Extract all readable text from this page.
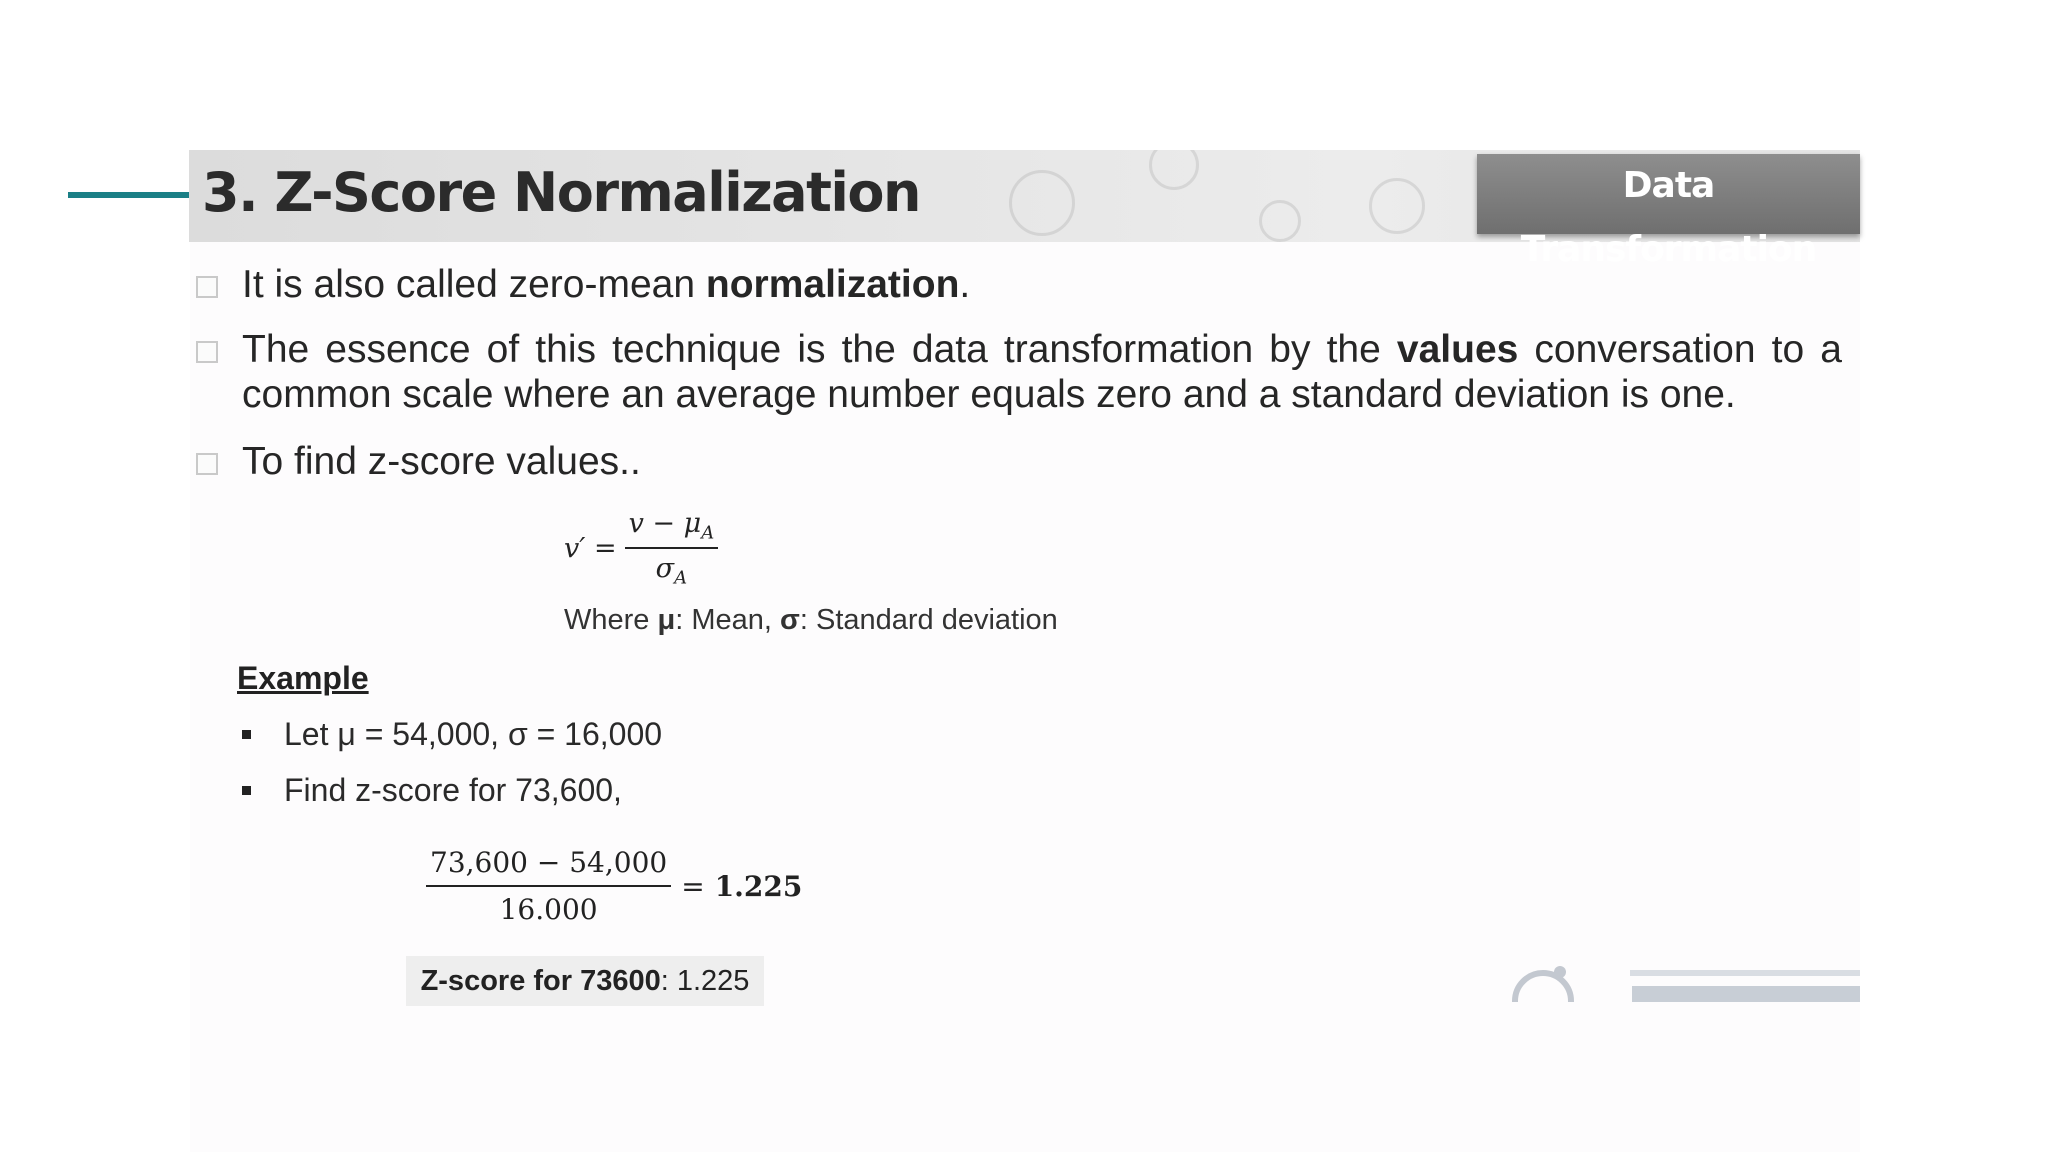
3. Z-Score Normalization	Data Transformation
It is also called zero-mean normalization.
The essence of this technique is the data transformation by the values conversation to a common scale where an average number equals zero and a standard deviation is one.
To find z-score values..
$v' = \frac{v - \mu_A}{\sigma_A}$
Where μ: Mean, σ: Standard deviation
Example
Let μ = 54,000, σ = 16,000
Find z-score for 73,600,
$\frac{73,600 - 54,000}{16.000} = 1.225$
Z-score for 73600: 1.225
